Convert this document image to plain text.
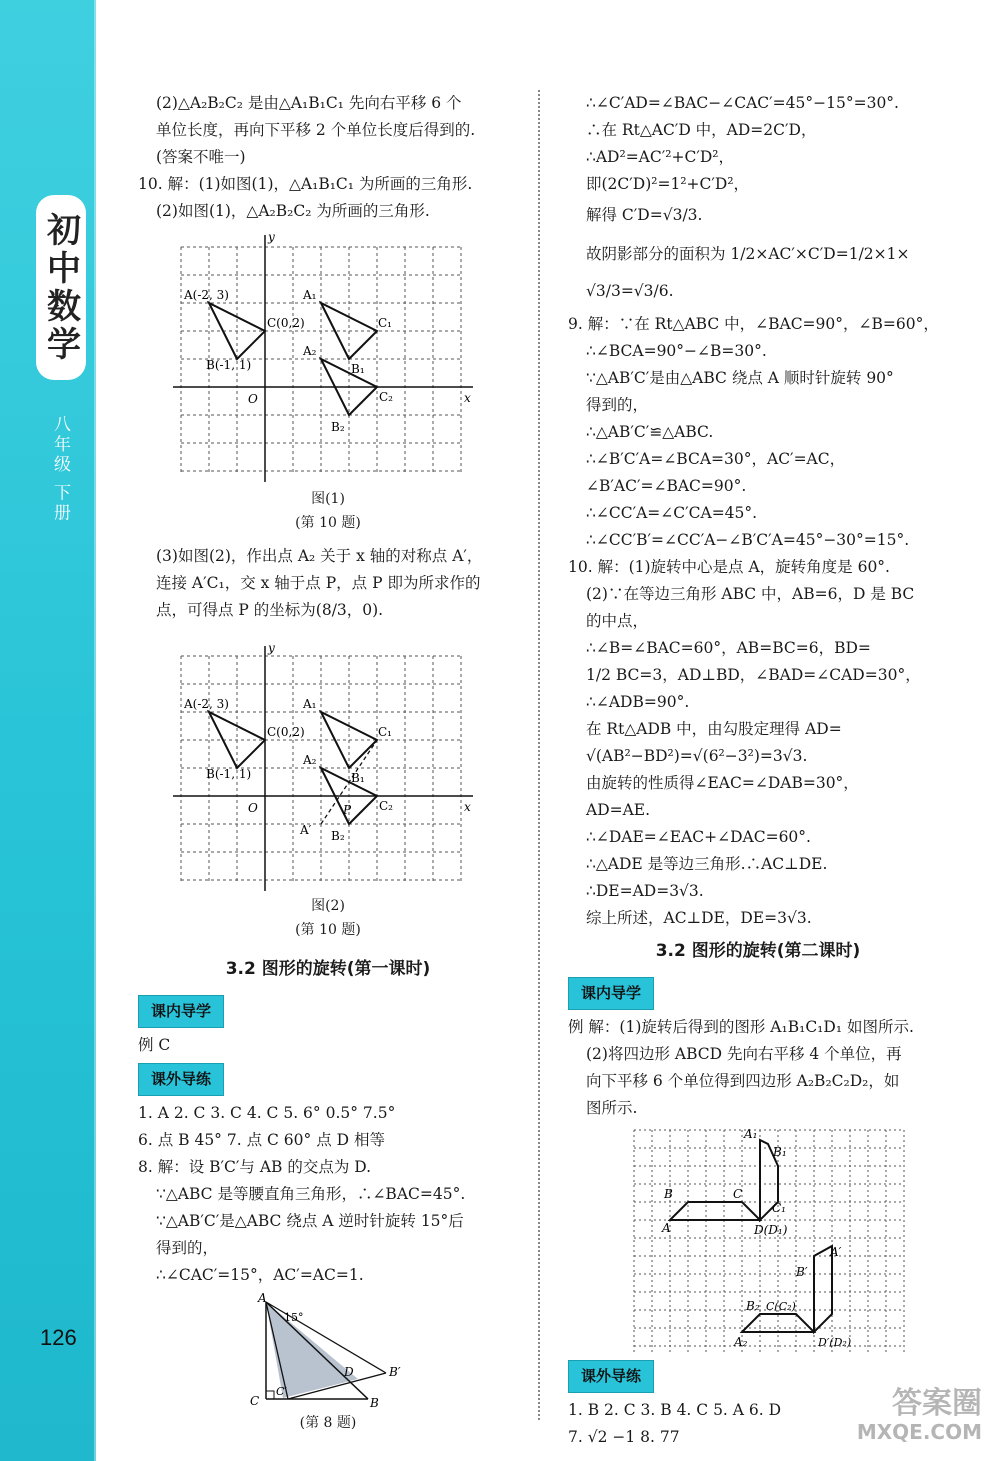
初中数学
八年级 下册
126
(2)△A₂B₂C₂ 是由△A₁B₁C₁ 先向右平移 6 个
单位长度，再向下平移 2 个单位长度后得到的.
(答案不唯一)
10. 解：(1)如图(1)，△A₁B₁C₁ 为所画的三角形.
(2)如图(1)，△A₂B₂C₂ 为所画的三角形.
y
x
O
A(-2, 3)
C(0,2)
B(-1, 1)
A₁
C₁
A₂
B₁
C₂
B₂
图(1)
(第 10 题)
(3)如图(2)，作出点 A₂ 关于 x 轴的对称点 A′，
连接 A′C₁，交 x 轴于点 P，点 P 即为所求作的
点，可得点 P 的坐标为(8/3，0).
y
x
O
A(-2, 3)
C(0,2)
B(-1, 1)
A₁
C₁
A₂
B₁
C₂
P
A′ B₂
图(2)
(第 10 题)
3.2 图形的旋转(第一课时)
课内导学
例 C
课外导练
1. A 2. C 3. C 4. C 5. 6° 0.5° 7.5°
6. 点 B 45° 7. 点 C 60° 点 D 相等
8. 解：设 B′C′与 AB 的交点为 D.
∵△ABC 是等腰直角三角形，∴∠BAC=45°.
∵△AB′C′是△ABC 绕点 A 逆时针旋转 15°后
得到的，
∴∠CAC′=15°，AC′=AC=1.
A
C
C′
B
B′
D
15°
(第 8 题)
∴∠C′AD=∠BAC−∠CAC′=45°−15°=30°.
∴在 Rt△AC′D 中，AD=2C′D，
∴AD²=AC′²+C′D²，
即(2C′D)²=1²+C′D²，
解得 C′D=√3/3.
故阴影部分的面积为 1/2×AC′×C′D=1/2×1×
√3/3=√3/6.
9. 解：∵在 Rt△ABC 中，∠BAC=90°，∠B=60°，
∴∠BCA=90°−∠B=30°.
∵△AB′C′是由△ABC 绕点 A 顺时针旋转 90°
得到的，
∴△AB′C′≌△ABC.
∴∠B′C′A=∠BCA=30°，AC′=AC，
∠B′AC′=∠BAC=90°.
∴∠CC′A=∠C′CA=45°.
∴∠CC′B′=∠CC′A−∠B′C′A=45°−30°=15°.
10. 解：(1)旋转中心是点 A，旋转角度是 60°.
(2)∵在等边三角形 ABC 中，AB=6，D 是 BC
的中点，
∴∠B=∠BAC=60°，AB=BC=6，BD=
1/2 BC=3，AD⊥BD，∠BAD=∠CAD=30°，
∴∠ADB=90°.
在 Rt△ADB 中，由勾股定理得 AD=
√(AB²−BD²)=√(6²−3²)=3√3.
由旋转的性质得∠EAC=∠DAB=30°，
AD=AE.
∴∠DAE=∠EAC+∠DAC=60°.
∴△ADE 是等边三角形.∴AC⊥DE.
∴DE=AD=3√3.
综上所述，AC⊥DE，DE=3√3.
3.2 图形的旋转(第二课时)
课内导学
例 解：(1)旋转后得到的图形 A₁B₁C₁D₁ 如图所示.
(2)将四边形 ABCD 先向右平移 4 个单位，再
向下平移 6 个单位得到四边形 A₂B₂C₂D₂，如
图所示.
A₁
B₁
B	C
C₁
A	D(D₁)
A′
B′
B₂ C(C₂)
A₂	D′(D₂)
课外导练
1. B 2. C 3. B 4. C 5. A 6. D
7. √2 −1 8. 77
答案圈
MXQE.COM
